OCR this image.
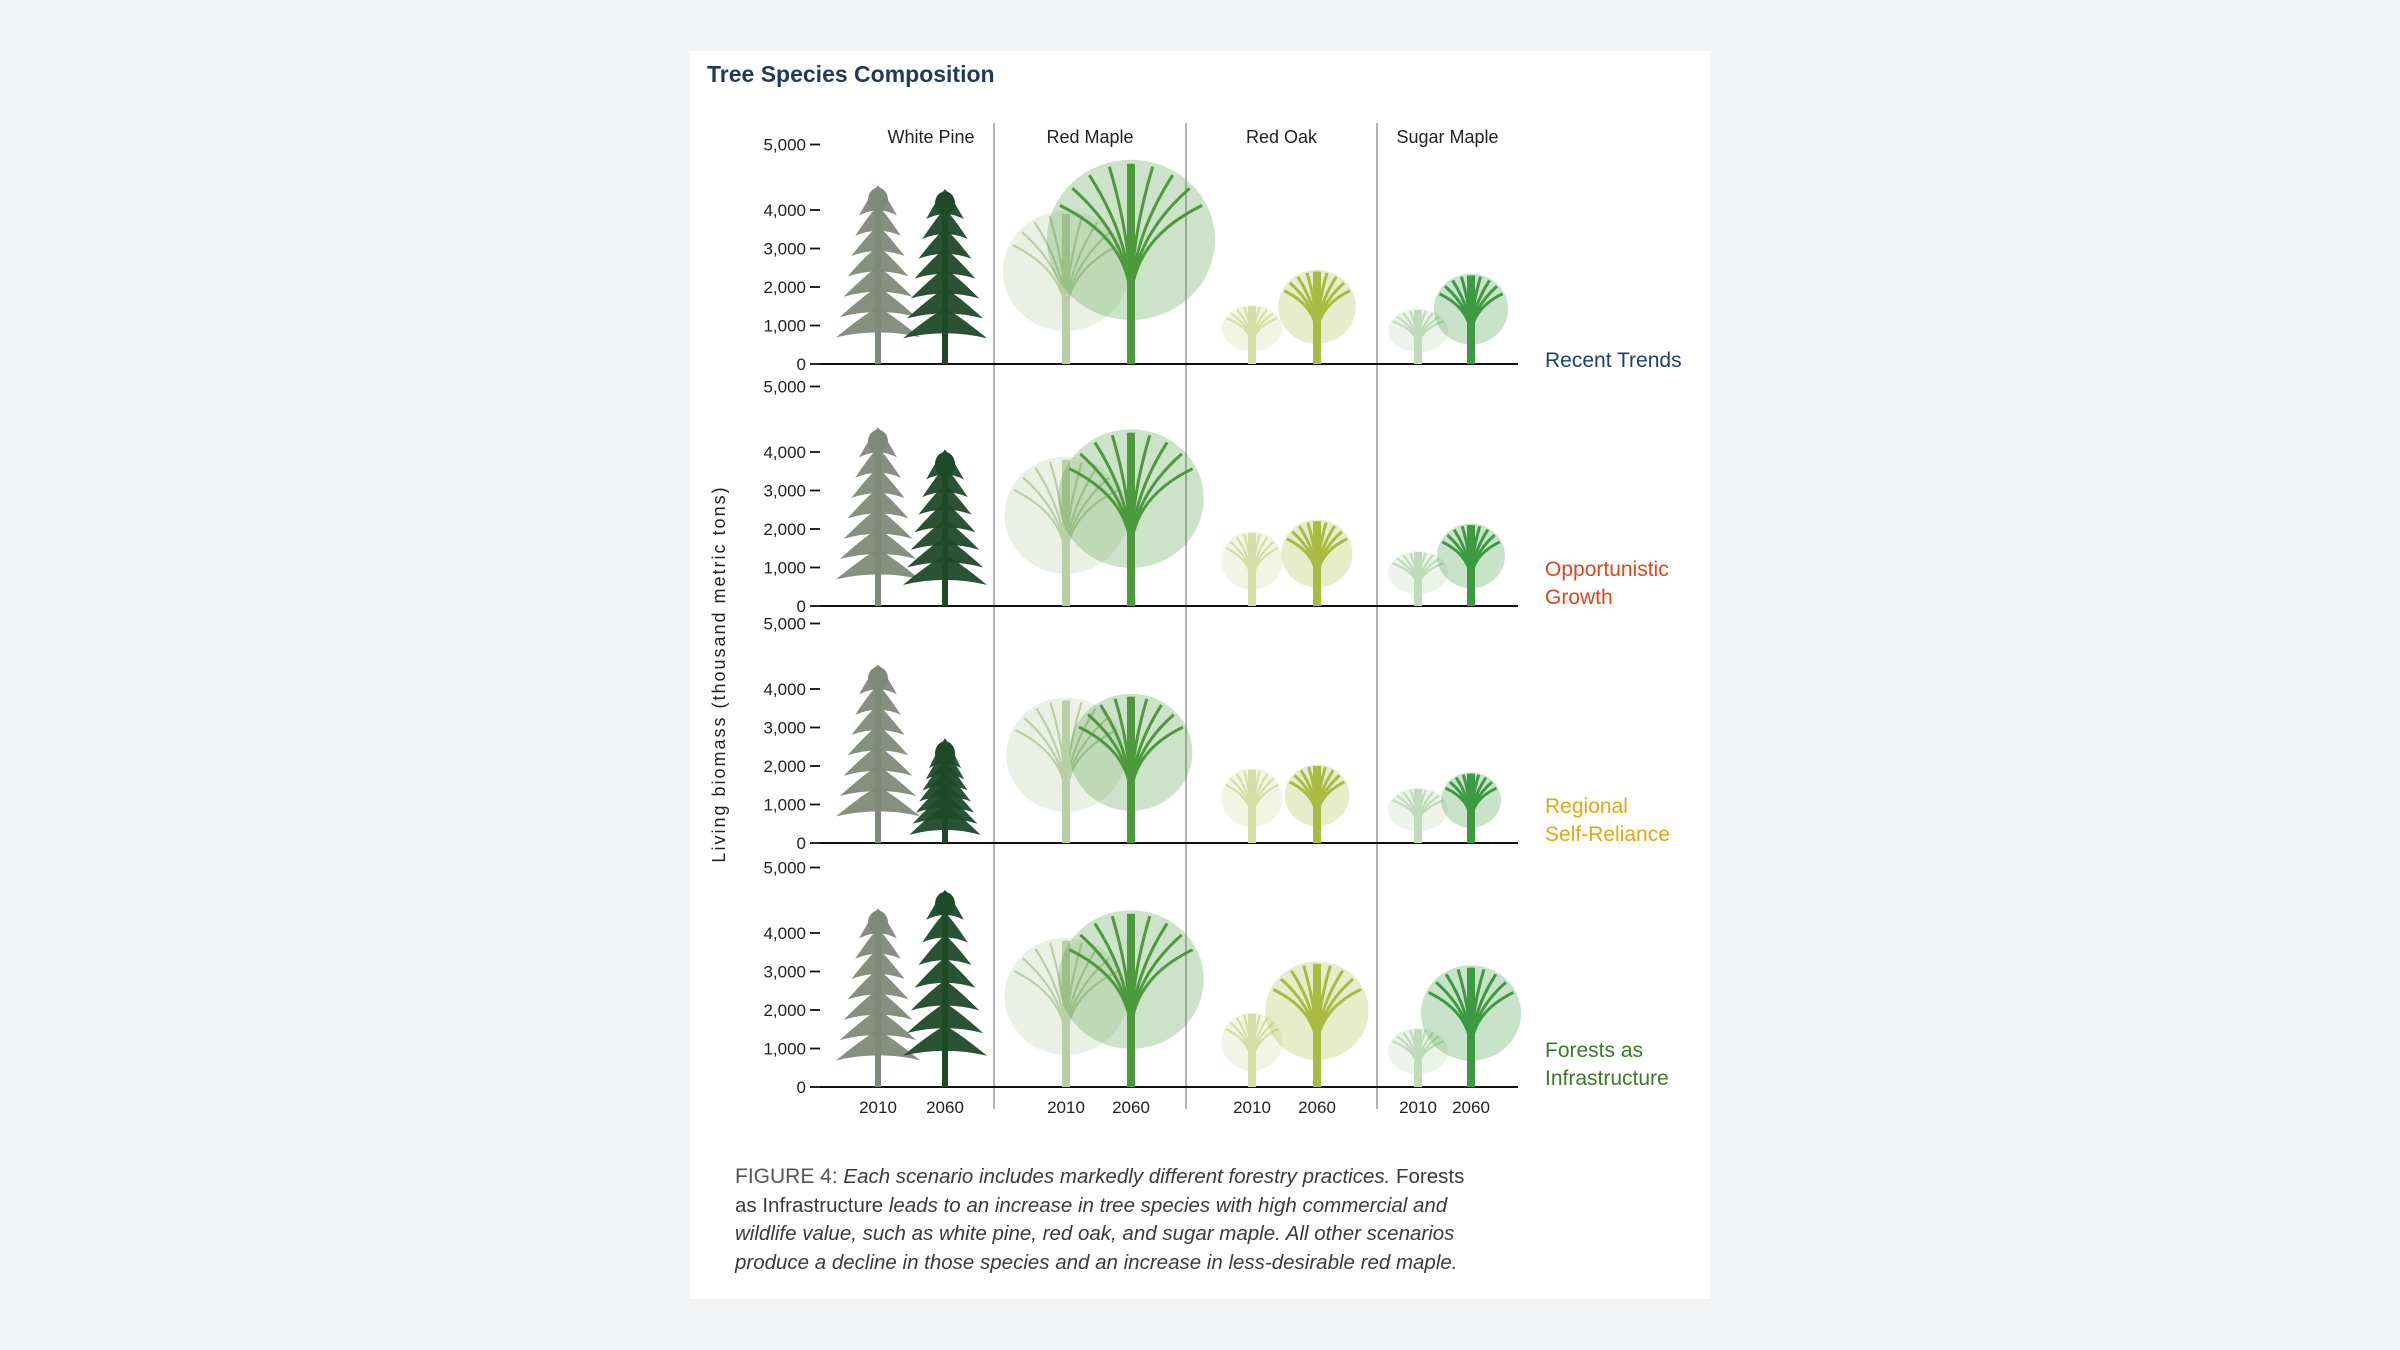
Tree Species Composition
White Pine	Red Maple	Red Oak	Sugar Maple
Living biomass (thousand metric tons)
0
1,000
2,000
3,000
4,000
5,000
Recent Trends
0
1,000
2,000
3,000
4,000
5,000
Opportunistic
Growth
0
1,000
2,000
3,000
4,000
5,000
Regional
Self-Reliance
0
1,000
2,000
3,000
4,000
5,000
Forests as
Infrastructure
2010 2060	2010 2060	2010 2060	2010 2060
FIGURE 4: Each scenario includes markedly different forestry practices. Forests as Infrastructure leads to an increase in tree species with high commercial and wildlife value, such as white pine, red oak, and sugar maple. All other scenarios produce a decline in those species and an increase in less-desirable red maple.
